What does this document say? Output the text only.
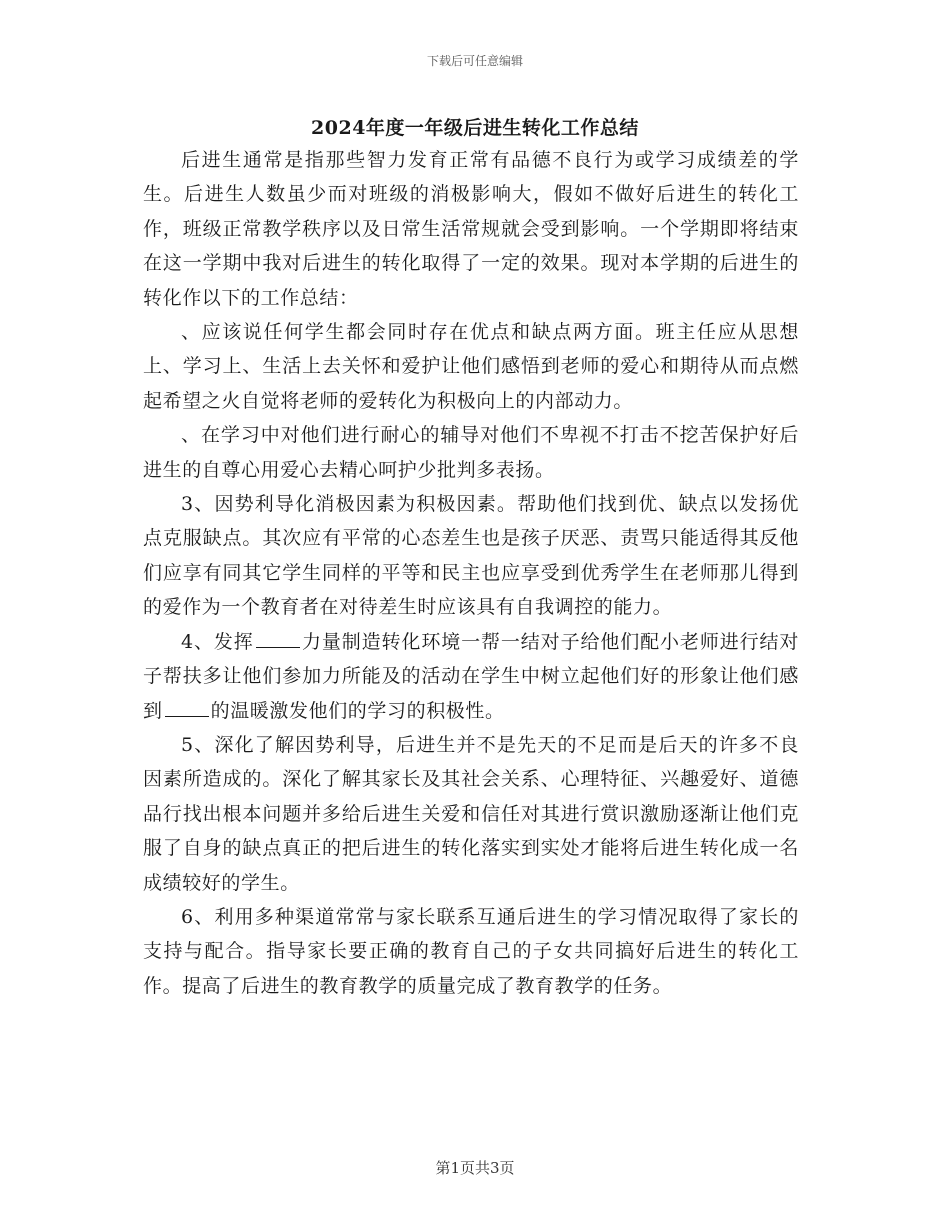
下载后可任意编辑
2024年度一年级后进生转化工作总结

后进生通常是指那些智力发育正常有品德不良行为或学习成绩差的学生。后进生人数虽少而对班级的消极影响大，假如不做好后进生的转化工作，班级正常教学秩序以及日常生活常规就会受到影响。一个学期即将结束在这一学期中我对后进生的转化取得了一定的效果。现对本学期的后进生的转化作以下的工作总结：

、应该说任何学生都会同时存在优点和缺点两方面。班主任应从思想上、学习上、生活上去关怀和爱护让他们感悟到老师的爱心和期待从而点燃起希望之火自觉将老师的爱转化为积极向上的内部动力。

、在学习中对他们进行耐心的辅导对他们不卑视不打击不挖苦保护好后进生的自尊心用爱心去精心呵护少批判多表扬。

3、因势利导化消极因素为积极因素。帮助他们找到优、缺点以发扬优点克服缺点。其次应有平常的心态差生也是孩子厌恶、责骂只能适得其反他们应享有同其它学生同样的平等和民主也应享受到优秀学生在老师那儿得到的爱作为一个教育者在对待差生时应该具有自我调控的能力。

4、发挥	力量制造转化环境一帮一结对子给他们配小老师进行结对子帮扶多让他们参加力所能及的活动在学生中树立起他们好的形象让他们感到	的温暖激发他们的学习的积极性。

5、深化了解因势利导，后进生并不是先天的不足而是后天的许多不良因素所造成的。深化了解其家长及其社会关系、心理特征、兴趣爱好、道德品行找出根本问题并多给后进生关爱和信任对其进行赏识激励逐渐让他们克服了自身的缺点真正的把后进生的转化落实到实处才能将后进生转化成一名成绩较好的学生。

6、利用多种渠道常常与家长联系互通后进生的学习情况取得了家长的支持与配合。指导家长要正确的教育自己的子女共同搞好后进生的转化工作。提高了后进生的教育教学的质量完成了教育教学的任务。

第1页共3页
